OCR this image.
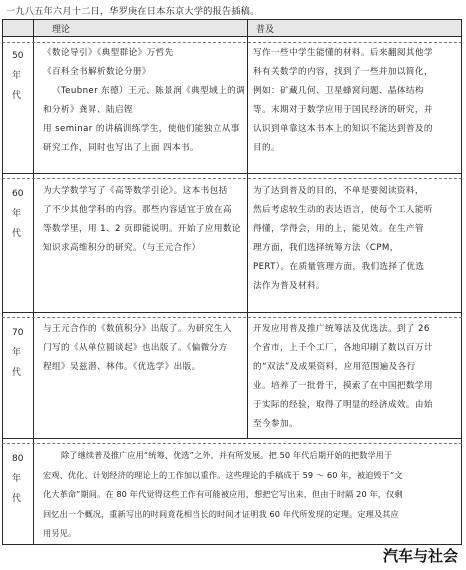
一九八五年六月十二日，华罗庚在日本东京大学的报告插稿。
理论	普及
50
年
代
《数论导引》《典型群论》万哲先
《百科全书解析数论分册》
（Teubner 东德）王元、陈景润《典型域上的调
和分析》龚昇、陆启铿
用 seminar 的讲稿训练学生，使他们能独立从事
研究工作，同时也写出了上面 四本书。
写作一些中学生能懂的材料。后来翻阅其他学
科有关数学的内容，找到了一些并加以简化，
例如：矿藏几何、卫星蜂窝问题、晶体结构
等。末期对于数学应用于国民经济的研究，并
认识到单靠这本书本上的知识不能达到普及的
目的。
60
年
代
为大学数学写了《高等数学引论》。这本书包括
了不少其他学科的内容。那些内容适宜于放在高
等数学里，用 1、2 页即能说明。开始了应用数论
知识求高维积分的研究。（与王元合作）
为了达到普及的目的，不单是要阅读资料，
然后考虑较生动的表达语言，使每个工人能听
得懂，学得会，用的上，能见效。在生产管
理方面，我们选择统筹方法（CPM，
PERT）。在质量管理方面，我们选择了优选
法作为普及材料。
70
年
代
与王元合作的《数值积分》出版了。为研究生入
门写的《从单位圆谈起》也出版了。《偏微分方
程组》吴兹潜、林伟。《优选学》出版。
开发应用普及推广统筹法及优选法。到了 26
个省市，上千个工厂，各地印刷了数以百万计
的“双法”及成果资料，应用范围遍及各行
业。培养了一批骨干，摸索了在中国把数学用
于实际的经验，取得了明显的经济成效。由始
至今参加。
80
年
代
除了继续普及推广应用“统筹、优选”之外，并有所发展。把 50 年代后期开始的把数学用于
宏观、优化、计划经济的理论上的工作加以重作。这些理论的手稿成于 59 ～ 60 年，被迫毁于“文
化大革命”期间。在 80 年代觉得这些工作有可能被应用，想把它写出来，但由于时隔 20 年，仅剩
回忆出一个概况，重新写出的时间竟花相当长的时间才证明我 60 年代所发现的定理。定理及其应
用另见。
汽车与社会
